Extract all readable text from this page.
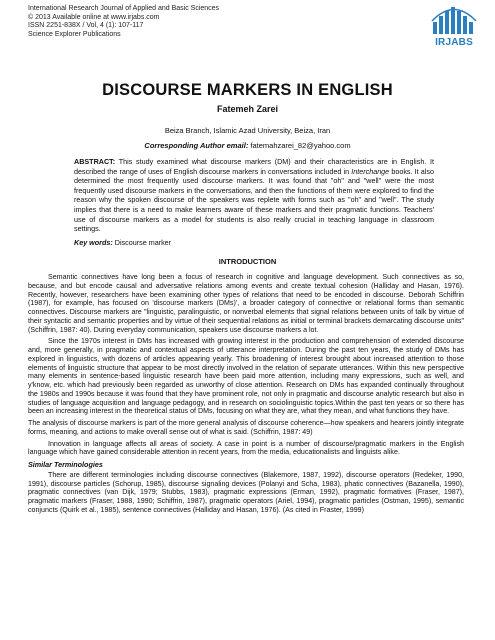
International Research Journal of Applied and Basic Sciences
© 2013 Available online at www.irjabs.com
ISSN 2251-838X / Vol, 4 (1): 107-117
Science Explorer Publications
IRJABS
DISCOURSE MARKERS IN ENGLISH
Fatemeh Zarei
Beiza Branch, Islamic Azad University, Beiza, Iran
Corresponding Author email: fatemahzarei_82@yahoo.com
ABSTRACT: This study examined what discourse markers (DM) and their characteristics are in English. It described the range of uses of English discourse markers in conversations included in Interchange books. It also determined the most frequently used discourse markers. It was found that "oh" and "well" were the most frequently used discourse markers in the conversations, and then the functions of them were explored to find the reason why the spoken discourse of the speakers was replete with forms such as "oh" and "well". The study implies that there is a need to make learners aware of these markers and their pragmatic functions. Teachers' use of discourse markers as a model for students is also really crucial in teaching language in classroom settings.
Key words: Discourse marker
INTRODUCTION

Semantic connectives have long been a focus of research in cognitive and language development. Such connectives as so, because, and but encode causal and adversative relations among events and create textual cohesion (Halliday and Hasan, 1976). Recently, however, researchers have been examining other types of relations that need to be encoded in discourse. Deborah Schiffrin (1987), for example, has focused on 'discourse markers (DMs)', a broader category of connective or relational forms than semantic connectives. Discourse markers are "linguistic, paralinguistic, or nonverbal elements that signal relations between units of talk by virtue of their syntactic and semantic properties and by virtue of their sequential relations as initial or terminal brackets demarcating discourse units" (Schiffrin, 1987: 40). During everyday communication, speakers use discourse markers a lot.

Since the 1970s interest in DMs has increased with growing interest in the production and comprehension of extended discourse and, more generally, in pragmatic and contextual aspects of utterance interpretation. During the past ten years, the study of DMs has explored in linguistics, with dozens of articles appearing yearly. This broadening of interest brought about increased attention to those elements of linguistic structure that appear to be most directly involved in the relation of separate utterances. Within this new perspective many elements in sentence-based linguistic research have been paid more attention, including many expressions, such as well, and y'know, etc. which had previously been regarded as unworthy of close attention. Research on DMs has expanded continually throughout the 1980s and 1990s because it was found that they have prominent role, not only in pragmatic and discourse analytic research but also in studies of language acquisition and language pedagogy, and in research on sociolinguistic topics.Within the past ten years or so there has been an increasing interest in the theoretical status of DMs, focusing on what they are, what they mean, and what functions they have.

The analysis of discourse markers is part of the more general analysis of discourse coherence—how speakers and hearers jointly integrate forms, meaning, and actions to make overall sense out of what is said. (Schiffrin, 1987: 49)

Innovation in language affects all areas of society. A case in point is a number of discourse/pragmatic markers in the English language which have gained considerable attention in recent years, from the media, educationalists and linguists alike.

Similar Terminologies

There are different terminologies including discourse connectives (Blakemore, 1987, 1992), discourse operators (Redeker, 1990, 1991), discourse particles (Schorup, 1985), discourse signaling devices (Polanyi and Scha, 1983), phatic connectives (Bazanella, 1990), pragmatic connectives (van Dijk, 1979; Stubbs, 1983), pragmatic expressions (Erman, 1992), pragmatic formatives (Fraser, 1987), pragmatic markers (Fraser, 1988, 1990; Schiffrin, 1987), pragmatic operators (Ariel, 1994), pragmatic particles (Ostman, 1995), semantic conjuncts (Quirk et al., 1985), sentence connectives (Halliday and Hasan, 1976). (As cited in Fraster, 1999)
